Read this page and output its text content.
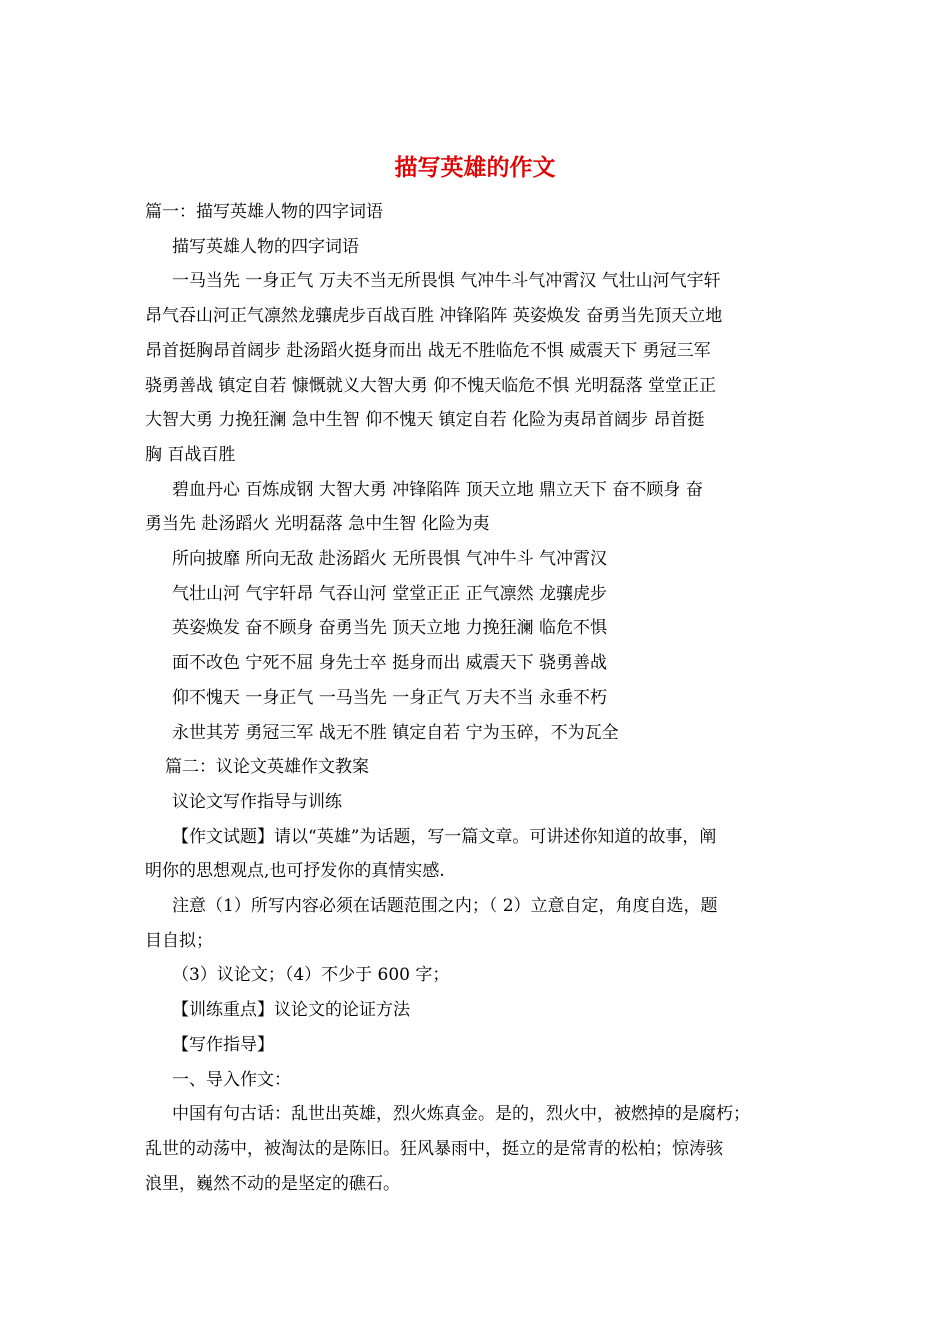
描写英雄的作文

篇一：描写英雄人物的四字词语

描写英雄人物的四字词语

一马当先 一身正气 万夫不当无所畏惧 气冲牛斗气冲霄汉 气壮山河气宇轩

昂气吞山河正气凛然龙骧虎步百战百胜 冲锋陷阵 英姿焕发 奋勇当先顶天立地

昂首挺胸昂首阔步 赴汤蹈火挺身而出 战无不胜临危不惧 威震天下 勇冠三军

骁勇善战 镇定自若 慷慨就义大智大勇 仰不愧天临危不惧 光明磊落 堂堂正正

大智大勇 力挽狂澜 急中生智 仰不愧天 镇定自若 化险为夷昂首阔步 昂首挺

胸 百战百胜

碧血丹心 百炼成钢 大智大勇 冲锋陷阵 顶天立地 鼎立天下 奋不顾身 奋

勇当先 赴汤蹈火 光明磊落 急中生智 化险为夷

所向披靡 所向无敌 赴汤蹈火 无所畏惧 气冲牛斗 气冲霄汉

气壮山河 气宇轩昂 气吞山河 堂堂正正 正气凛然 龙骧虎步

英姿焕发 奋不顾身 奋勇当先 顶天立地 力挽狂澜 临危不惧

面不改色 宁死不屈 身先士卒 挺身而出 威震天下 骁勇善战

仰不愧天 一身正气 一马当先 一身正气 万夫不当 永垂不朽

永世其芳 勇冠三军 战无不胜 镇定自若 宁为玉碎，不为瓦全

篇二：议论文英雄作文教案

议论文写作指导与训练

【作文试题】请以“英雄”为话题，写一篇文章。可讲述你知道的故事，阐

明你的思想观点,也可抒发你的真情实感.

注意（1）所写内容必须在话题范围之内；（ 2）立意自定，角度自选，题

目自拟；

（3）议论文；（4）不少于 600 字；

【训练重点】议论文的论证方法

【写作指导】

一、导入作文：

中国有句古话：乱世出英雄，烈火炼真金。是的，烈火中，被燃掉的是腐朽；

乱世的动荡中，被淘汰的是陈旧。狂风暴雨中，挺立的是常青的松柏；惊涛骇

浪里，巍然不动的是坚定的礁石。
